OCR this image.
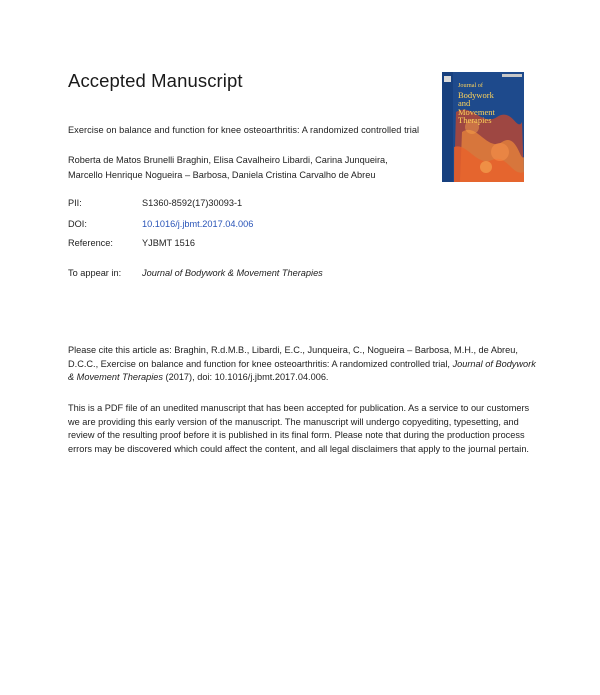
Accepted Manuscript	Journal of
Bodywork
and
Movement
Therapies
Exercise on balance and function for knee osteoarthritis: A randomized controlled trial
Roberta de Matos Brunelli Braghin, Elisa Cavalheiro Libardi, Carina Junqueira,
Marcello Henrique Nogueira – Barbosa, Daniela Cristina Carvalho de Abreu
PII:	S1360-8592(17)30093-1
DOI:	10.1016/j.jbmt.2017.04.006
Reference:	YJBMT 1516
To appear in: Journal of Bodywork & Movement Therapies
Please cite this article as: Braghin, R.d.M.B., Libardi, E.C., Junqueira, C., Nogueira – Barbosa, M.H., de Abreu, D.C.C., Exercise on balance and function for knee osteoarthritis: A randomized controlled trial, Journal of Bodywork & Movement Therapies (2017), doi: 10.1016/j.jbmt.2017.04.006.
This is a PDF file of an unedited manuscript that has been accepted for publication. As a service to our customers we are providing this early version of the manuscript. The manuscript will undergo copyediting, typesetting, and review of the resulting proof before it is published in its final form. Please note that during the production process errors may be discovered which could affect the content, and all legal disclaimers that apply to the journal pertain.
